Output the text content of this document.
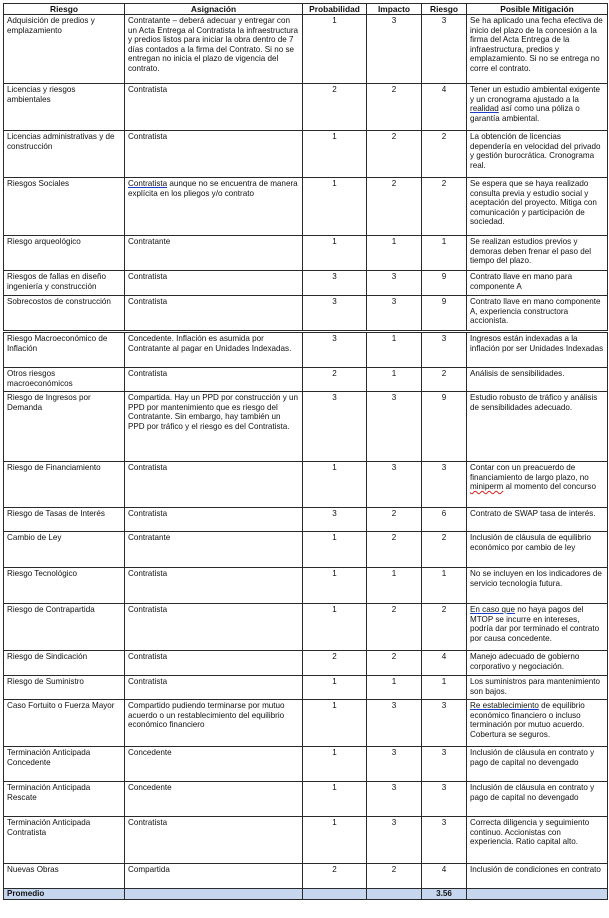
Riesgo	Asignación	Probabilidad	Impacto	Riesgo	Posible Mitigación
Adquisición de predios y emplazamiento	Contratante – deberá adecuar y entregar con un Acta Entrega al Contratista la infraestructura y predios listos para iniciar la obra dentro de 7 días contados a la firma del Contrato. Si no se entregan no inicia el plazo de vigencia del contrato.	1	3	3	Se ha aplicado una fecha efectiva de inicio del plazo de la concesión a la firma del Acta Entrega de la infraestructura, predios y emplazamiento. Si no se entrega no corre el contrato.
Licencias y riesgos ambientales	Contratista	2	2	4	Tener un estudio ambiental exigente y un cronograma ajustado a la realidad así como una póliza o garantía ambiental.
Licencias administrativas y de construcción	Contratista	1	2	2	La obtención de licencias dependería en velocidad del privado y gestión burocrática. Cronograma real.
Riesgos Sociales	Contratista aunque no se encuentra de manera explícita en los pliegos y/o contrato	1	2	2	Se espera que se haya realizado consulta previa y estudio social y aceptación del proyecto. Mitiga con comunicación y participación de sociedad.
Riesgo arqueológico	Contratante	1	1	1	Se realizan estudios previos y demoras deben frenar el paso del tiempo del plazo.
Riesgos de fallas en diseño ingeniería y construcción	Contratista	3	3	9	Contrato llave en mano para componente A
Sobrecostos de construcción	Contratista	3	3	9	Contrato llave en mano componente A, experiencia constructora accionista.
Riesgo Macroeconómico de Inflación	Concedente. Inflación es asumida por Contratante al pagar en Unidades Indexadas.	3	1	3	Ingresos están indexadas a la inflación por ser Unidades Indexadas
Otros riesgos macroeconómicos	Contratista	2	1	2	Análisis de sensibilidades.
Riesgo de Ingresos por Demanda	Compartida. Hay un PPD por construcción y un PPD por mantenimiento que es riesgo del Contratante. Sin embargo, hay también un PPD por tráfico y el riesgo es del Contratista.	3	3	9	Estudio robusto de tráfico y análisis de sensibilidades adecuado.
Riesgo de Financiamiento	Contratista	1	3	3	Contar con un preacuerdo de financiamiento de largo plazo, no miniperm al momento del concurso
Riesgo de Tasas de Interés	Contratista	3	2	6	Contrato de SWAP tasa de interés.
Cambio de Ley	Contratante	1	2	2	Inclusión de cláusula de equilibrio económico por cambio de ley
Riesgo Tecnológico	Contratista	1	1	1	No se incluyen en los indicadores de servicio tecnología futura.
Riesgo de Contrapartida	Contratista	1	2	2	En caso que no haya pagos del MTOP se incurre en intereses, podría dar por terminado el contrato por causa concedente.
Riesgo de Sindicación	Contratista	2	2	4	Manejo adecuado de gobierno corporativo y negociación.
Riesgo de Suministro	Contratista	1	1	1	Los suministros para mantenimiento son bajos.
Caso Fortuito o Fuerza Mayor	Compartido pudiendo terminarse por mutuo acuerdo o un restablecimiento del equilibrio económico financiero	1	3	3	Re establecimiento de equilibrio económico financiero o incluso terminación por mutuo acuerdo. Cobertura se seguros.
Terminación Anticipada Concedente	Concedente	1	3	3	Inclusión de cláusula en contrato y pago de capital no devengado
Terminación Anticipada Rescate	Concedente	1	3	3	Inclusión de cláusula en contrato y pago de capital no devengado
Terminación Anticipada Contratista	Contratista	1	3	3	Correcta diligencia y seguimiento continuo. Accionistas con experiencia. Ratio capital alto.
Nuevas Obras	Compartida	2	2	4	Inclusión de condiciones en contrato
Promedio				3.56	
